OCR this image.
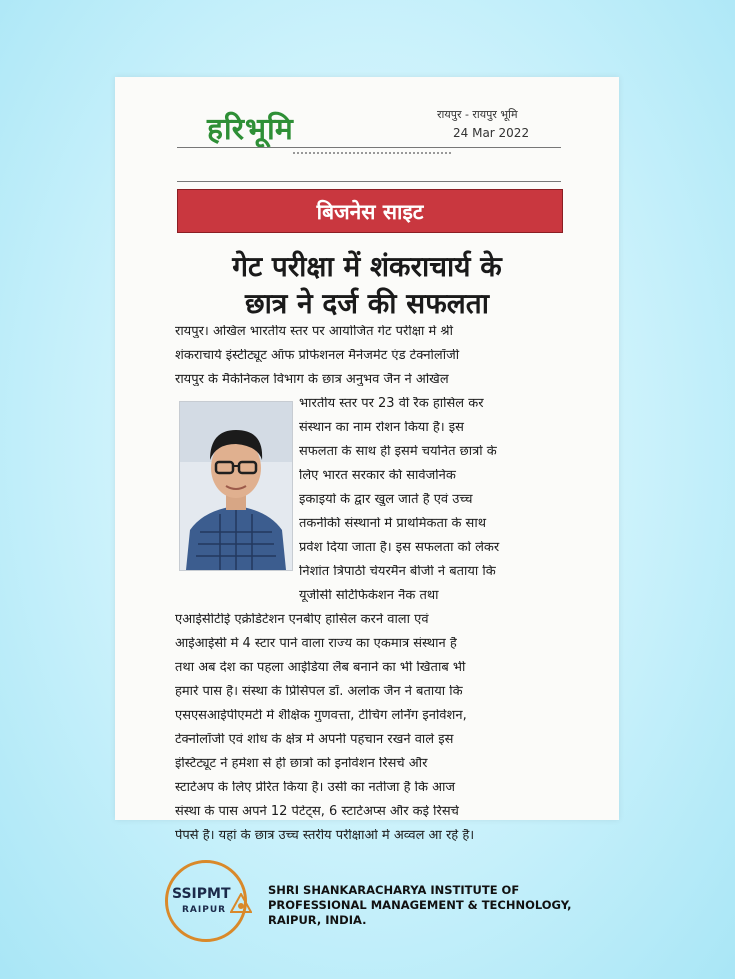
हरिभूमि	रायपुर - रायपुर भूमि
24 Mar 2022
बिजनेस साइट
गेट परीक्षा में शंकराचार्य के
छात्र ने दर्ज की सफलता
रायपुर। अखिल भारतीय स्तर पर आयोजित गेट परीक्षा में श्री
शंकराचार्य इंस्टीट्यूट ऑफ प्रोफेशनल मैनेजमेंट एंड टेक्नोलॉजी
रायपुर के मैकेनिकल विभाग के छात्र अनुभव जैन ने अखिल
भारतीय स्तर पर 23 वीं रैंक हासिल कर
संस्थान का नाम रोशन किया है। इस
सफलता के साथ ही इसमें चयनित छात्रों के
लिए भारत सरकार की सार्वजनिक
इकाइयों के द्वार खुल जाते हैं एवं उच्च
तकनीकी संस्थानों में प्राथमिकता के साथ
प्रवेश दिया जाता है। इस सफलता को लेकर
निशांत त्रिपाठी चेयरमैन बीजी ने बताया कि
यूजीसी सर्टिफिकेशन नैक तथा
एआईसीटीई एक्रेडिटेशन एनबीए हासिल करने वाला एवं
आईआईसी में 4 स्टार पाने वाला राज्य का एकमात्र संस्थान है
तथा अब देश का पहला आईडिया लैब बनाने का भी खिताब भी
हमारे पास है। संस्था के प्रिंसिपल डॉ. अलोक जैन ने बताया कि
एसएसआईपीएमटी में शैक्षिक गुणवत्ता, टीचिंग लर्निंग इनोवेशन,
टेक्नोलॉजी एवं शोध के क्षेत्र में अपनी पहचान रखने वाले इस
इंस्टिट्यूट ने हमेशा से ही छात्रों को इनोवेशन रिसर्च और
स्टार्टअप के लिए प्रेरित किया है। उसी का नतीजा है कि आज
संस्था के पास अपने 12 पेटेंट्स, 6 स्टार्टअप्स और कई रिसर्च
पेपर्स है। यहां के छात्र उच्च स्तरीय परीक्षाओं में अव्वल आ रहे हैं।
SSIPMT
RAIPUR
SHRI SHANKARACHARYA INSTITUTE OF
PROFESSIONAL MANAGEMENT & TECHNOLOGY,
RAIPUR, INDIA.
